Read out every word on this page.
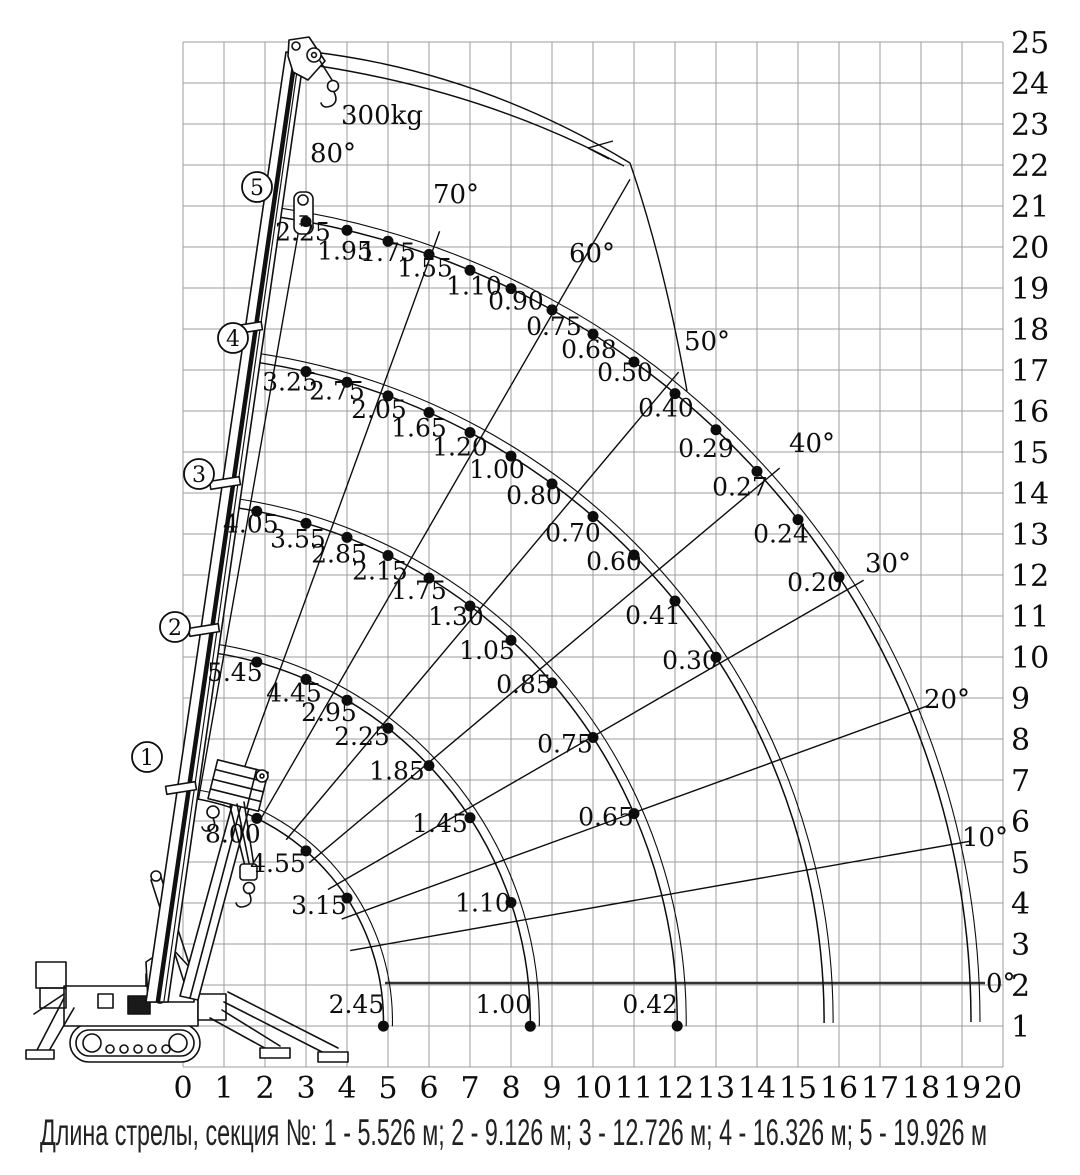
0 1 2 3 4 5 6 7 8 9 10 11 12 13 14 15 16 17 18 19 20
1
2
3
4
5
6
7
8
9
10
11
12
13
14
15
16
17
18
19
20
21
22
23
24
25
8.00
4.55
3.15
2.45
5.45
4.45
2.95
2.25
1.85
1.45
1.10
1.00
4.05
3.55
2.85
2.15
1.75
1.30
1.05
0.85
0.75
0.65
0.42
3.25
2.75
2.05
1.65
1.20
1.00
0.80
0.70
0.60
0.41
0.30
2.25
1.95
1.75
1.55
1.10
0.90
0.75
0.68
0.50
0.40
0.29
0.27
0.24
0.20
0°
10°
20°
30°
40°
50°
60°
70°
80°
1
2
3
4
5
300kg
Длина стрелы, секция №: 1 - 5.526 м; 2 - 9.126 м; 3 - 12.726 м; 4 - 16.326 м; 5 - 19.926 м
